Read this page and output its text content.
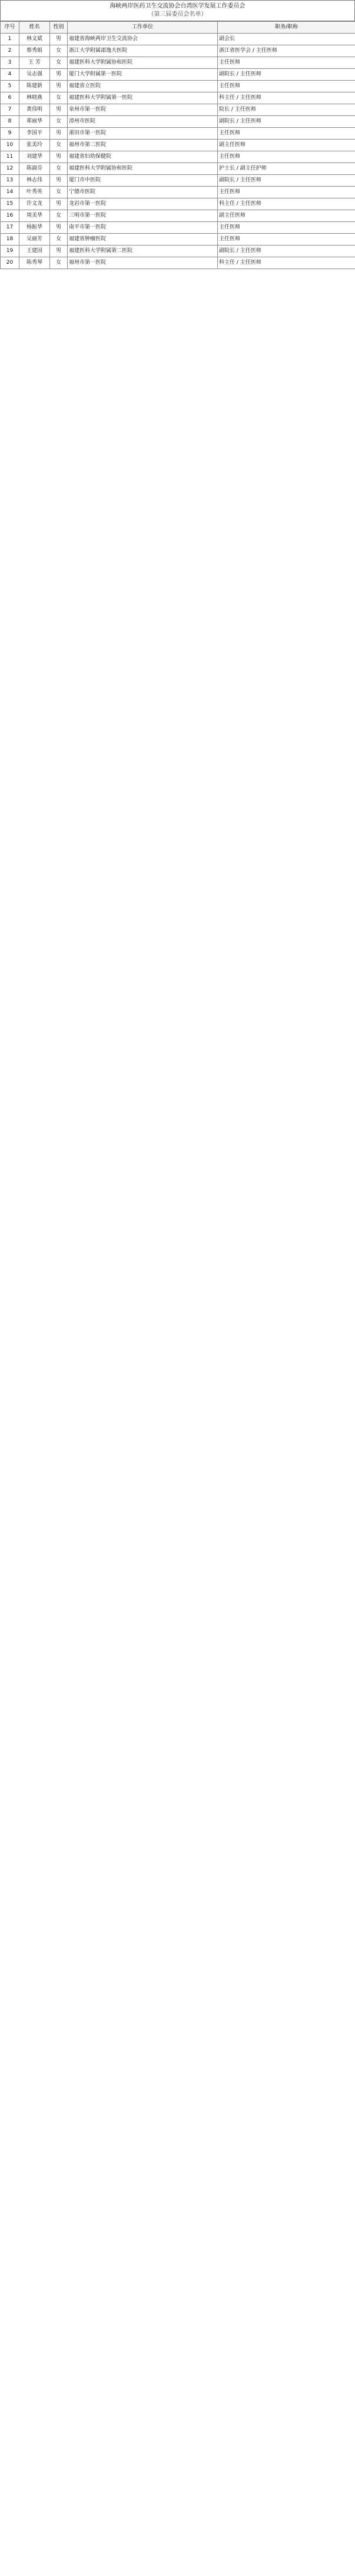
海峡两岸医药卫生交流协会台湾医学发展工作委员会
（第三届委员会名单）
序号	姓名	性别	工作单位	职务/职称
1	林文斌	男	福建省海峡两岸卫生交流协会	副会长
2	蔡秀娟	女	浙江大学附属邵逸夫医院	浙江省医学会 / 主任医师
3	王 芳	女	福建医科大学附属协和医院	主任医师
4	吴志强	男	厦门大学附属第一医院	副院长 / 主任医师
5	陈建新	男	福建省立医院	主任医师
6	林晓燕	女	福建医科大学附属第一医院	科主任 / 主任医师
7	黄伟明	男	泉州市第一医院	院长 / 主任医师
8	郑丽华	女	漳州市医院	副院长 / 主任医师
9	李国平	男	莆田市第一医院	主任医师
10	张美玲	女	福州市第二医院	副主任医师
11	刘建华	男	福建省妇幼保健院	主任医师
12	陈淑芬	女	福建医科大学附属协和医院	护士长 / 副主任护师
13	林志伟	男	厦门市中医院	副院长 / 主任医师
14	叶秀英	女	宁德市医院	主任医师
15	许文龙	男	龙岩市第一医院	科主任 / 主任医师
16	周美华	女	三明市第一医院	副主任医师
17	杨振华	男	南平市第一医院	主任医师
18	吴丽芳	女	福建省肿瘤医院	主任医师
19	王建国	男	福建医科大学附属第二医院	副院长 / 主任医师
20	陈秀琴	女	福州市第一医院	科主任 / 主任医师
